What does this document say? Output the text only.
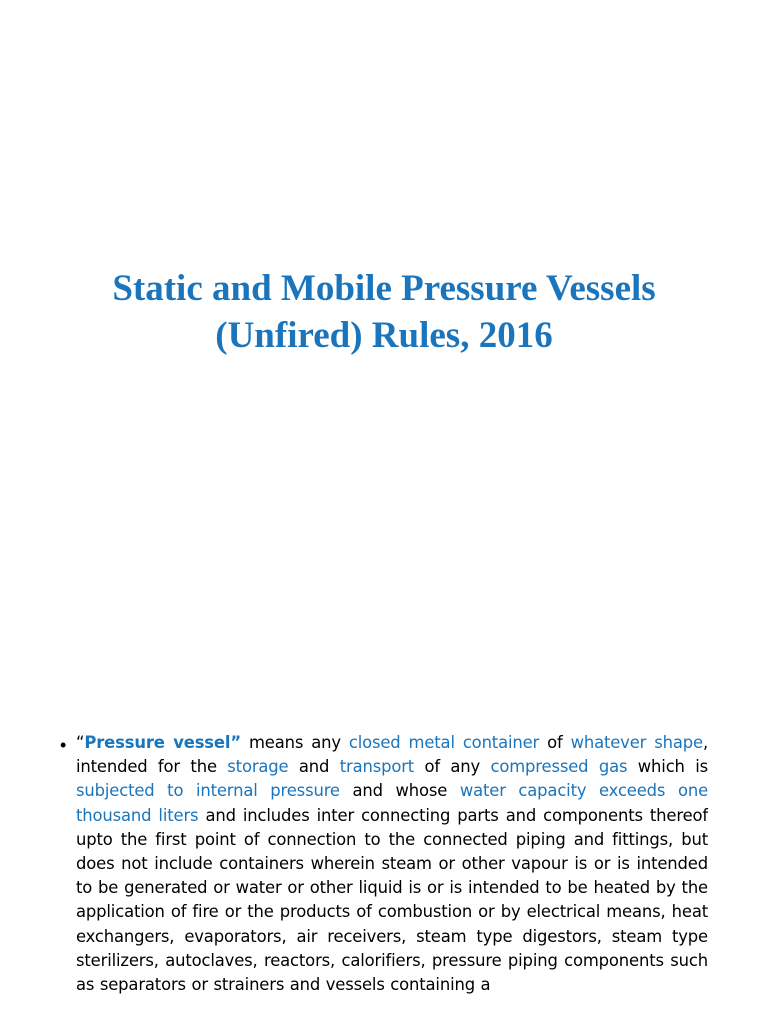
Static and Mobile Pressure Vessels
(Unfired) Rules, 2016
• “Pressure vessel” means any closed metal container of whatever shape, intended for the storage and transport of any compressed gas which is subjected to internal pressure and whose water capacity exceeds one thousand liters and includes inter connecting parts and components thereof upto the first point of connection to the connected piping and fittings, but does not include containers wherein steam or other vapour is or is intended to be generated or water or other liquid is or is intended to be heated by the application of fire or the products of combustion or by electrical means, heat exchangers, evaporators, air receivers, steam type digestors, steam type sterilizers, autoclaves, reactors, calorifiers, pressure piping components such as separators or strainers and vessels containing a
